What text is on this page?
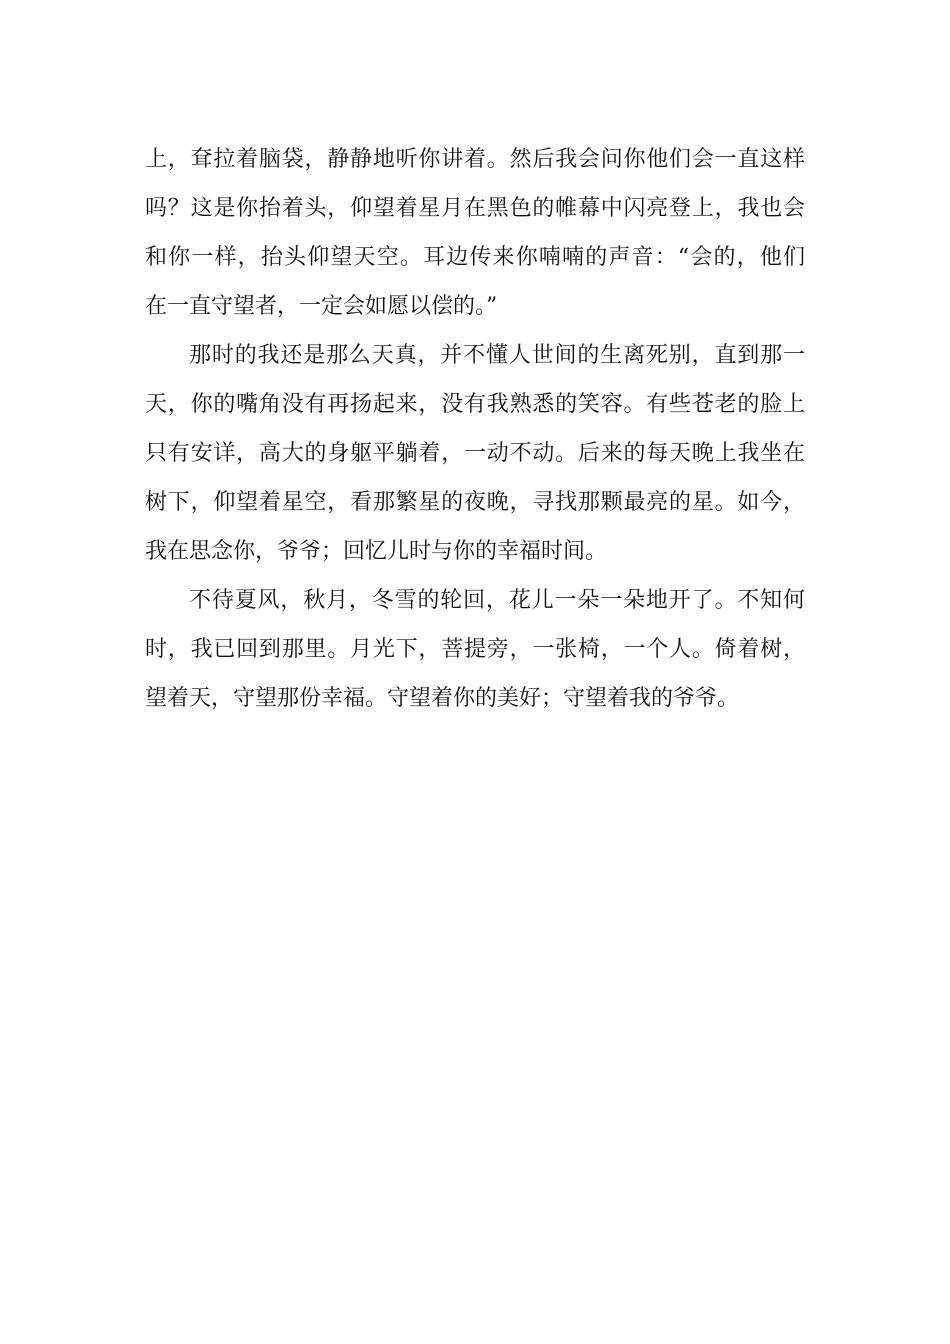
上，耷拉着脑袋，静静地听你讲着。然后我会问你他们会一直这样
吗？这是你抬着头，仰望着星月在黑色的帷幕中闪亮登上，我也会
和你一样，抬头仰望天空。耳边传来你喃喃的声音：“会的，他们
在一直守望者，一定会如愿以偿的。”
那时的我还是那么天真，并不懂人世间的生离死别，直到那一
天，你的嘴角没有再扬起来，没有我熟悉的笑容。有些苍老的脸上
只有安详，高大的身躯平躺着，一动不动。后来的每天晚上我坐在
树下，仰望着星空，看那繁星的夜晚，寻找那颗最亮的星。如今，
我在思念你，爷爷；回忆儿时与你的幸福时间。
不待夏风，秋月，冬雪的轮回，花儿一朵一朵地开了。不知何
时，我已回到那里。月光下，菩提旁，一张椅，一个人。倚着树，
望着天，守望那份幸福。守望着你的美好；守望着我的爷爷。
